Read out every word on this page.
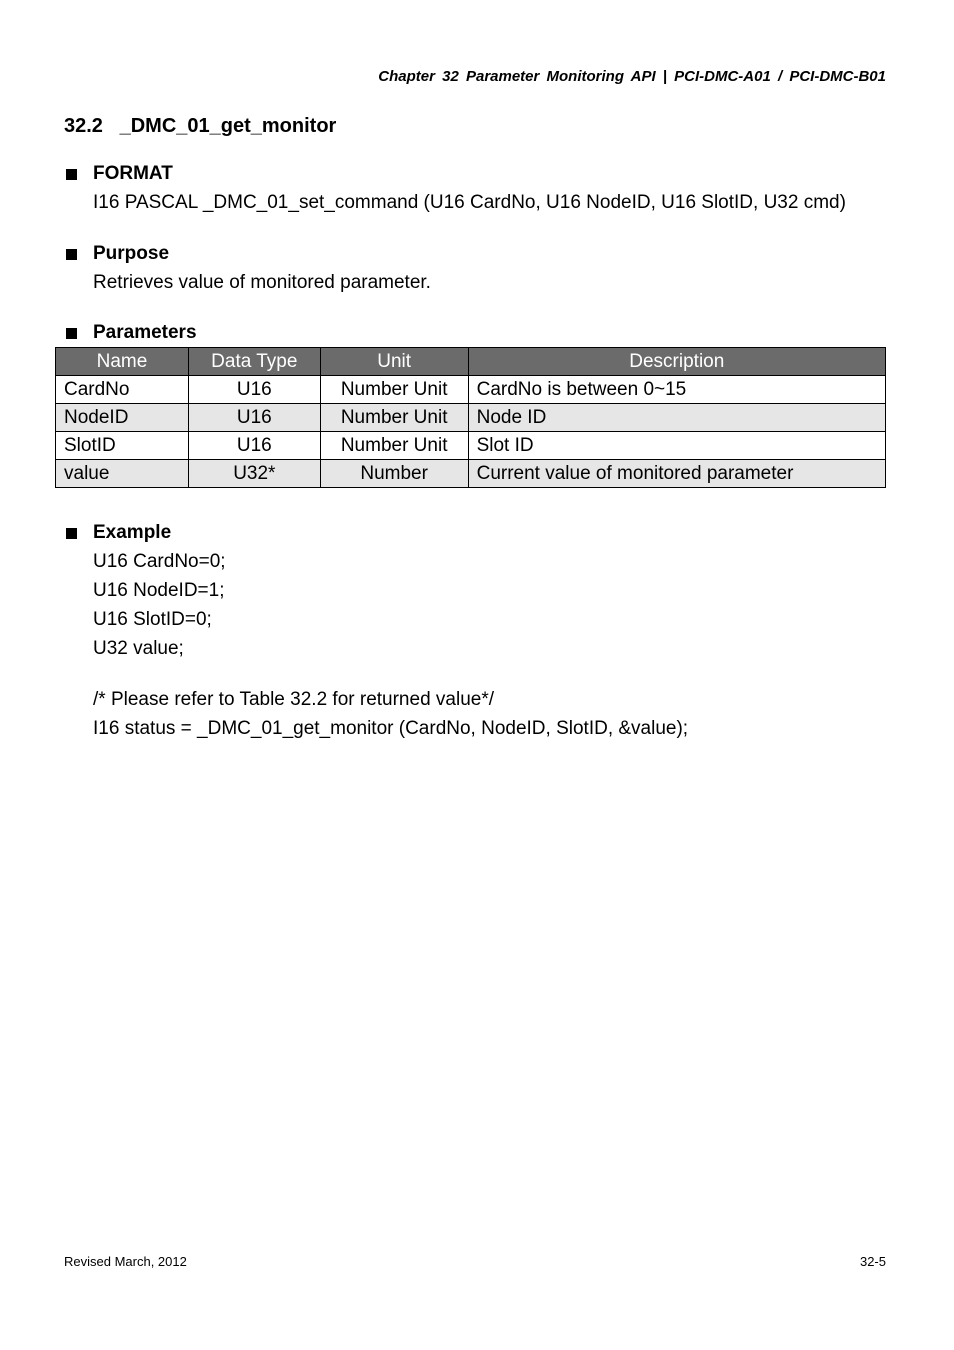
Chapter 32 Parameter Monitoring API | PCI-DMC-A01 / PCI-DMC-B01
32.2 _DMC_01_get_monitor
FORMAT
I16 PASCAL _DMC_01_set_command (U16 CardNo, U16 NodeID, U16 SlotID, U32 cmd)
Purpose
Retrieves value of monitored parameter.
Parameters
Name	Data Type	Unit	Description
CardNo	U16	Number Unit	CardNo is between 0~15
NodeID	U16	Number Unit	Node ID
SlotID	U16	Number Unit	Slot ID
value	U32*	Number	Current value of monitored parameter
Example
U16 CardNo=0;
U16 NodeID=1;
U16 SlotID=0;
U32 value;
/* Please refer to Table 32.2 for returned value*/
I16 status = _DMC_01_get_monitor (CardNo, NodeID, SlotID, &value);
Revised March, 2012	32-5
